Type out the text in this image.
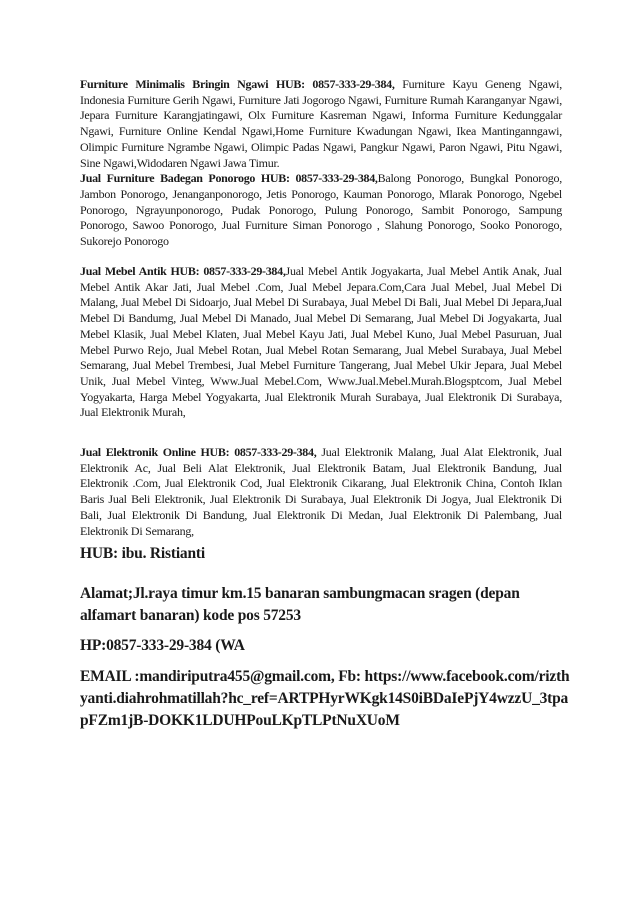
Furniture Minimalis Bringin Ngawi HUB: 0857-333-29-384, Furniture Kayu Geneng Ngawi, Indonesia Furniture Gerih Ngawi, Furniture Jati Jogorogo Ngawi, Furniture Rumah Karanganyar Ngawi, Jepara Furniture Karangjatingawi, Olx Furniture Kasreman Ngawi, Informa Furniture Kedunggalar Ngawi, Furniture Online Kendal Ngawi,Home Furniture Kwadungan Ngawi, Ikea Mantinganngawi, Olimpic Furniture Ngrambe Ngawi, Olimpic Padas Ngawi, Pangkur Ngawi, Paron Ngawi, Pitu Ngawi, Sine Ngawi,Widodaren Ngawi Jawa Timur.
Jual Furniture Badegan Ponorogo HUB: 0857-333-29-384,Balong Ponorogo, Bungkal Ponorogo, Jambon Ponorogo, Jenanganponorogo, Jetis Ponorogo, Kauman Ponorogo, Mlarak Ponorogo, Ngebel Ponorogo, Ngrayunponorogo, Pudak Ponorogo, Pulung Ponorogo, Sambit Ponorogo, Sampung Ponorogo, Sawoo Ponorogo, Jual Furniture Siman Ponorogo , Slahung Ponorogo, Sooko Ponorogo, Sukorejo Ponorogo
Jual Mebel Antik HUB: 0857-333-29-384,Jual Mebel Antik Jogyakarta, Jual Mebel Antik Anak, Jual Mebel Antik Akar Jati, Jual Mebel .Com, Jual Mebel Jepara.Com,Cara Jual Mebel, Jual Mebel Di Malang, Jual Mebel Di Sidoarjo, Jual Mebel Di Surabaya, Jual Mebel Di Bali, Jual Mebel Di Jepara,Jual Mebel Di Bandumg, Jual Mebel Di Manado, Jual Mebel Di Semarang, Jual Mebel Di Jogyakarta, Jual Mebel Klasik, Jual Mebel Klaten, Jual Mebel Kayu Jati, Jual Mebel Kuno, Jual Mebel Pasuruan, Jual Mebel Purwo Rejo, Jual Mebel Rotan, Jual Mebel Rotan Semarang, Jual Mebel Surabaya, Jual Mebel Semarang, Jual Mebel Trembesi, Jual Mebel Furniture Tangerang, Jual Mebel Ukir Jepara, Jual Mebel Unik, Jual Mebel Vinteg, Www.Jual Mebel.Com, Www.Jual.Mebel.Murah.Blogsptcom, Jual Mebel Yogyakarta, Harga Mebel Yogyakarta, Jual Elektronik Murah Surabaya, Jual Elektronik Di Surabaya, Jual Elektronik Murah,
Jual Elektronik Online HUB: 0857-333-29-384, Jual Elektronik Malang, Jual Alat Elektronik, Jual Elektronik Ac, Jual Beli Alat Elektronik, Jual Elektronik Batam, Jual Elektronik Bandung, Jual Elektronik .Com, Jual Elektronik Cod, Jual Elektronik Cikarang, Jual Elektronik China, Contoh Iklan Baris Jual Beli Elektronik, Jual Elektronik Di Surabaya, Jual Elektronik Di Jogya, Jual Elektronik Di Bali, Jual Elektronik Di Bandung, Jual Elektronik Di Medan, Jual Elektronik Di Palembang, Jual Elektronik Di Semarang,
HUB: ibu. Ristianti
Alamat;Jl.raya timur km.15 banaran sambungmacan sragen (depan alfamart banaran) kode pos 57253
HP:0857-333-29-384 (WA
EMAIL :mandiriputra455@gmail.com, Fb: https://www.facebook.com/rizthyanti.diahrohmatillah?hc_ref=ARTPHyrWKgk14S0iBDaIePjY4wzzU_3tpapFZm1jB-DOKK1LDUHPouLKpTLPtNuXUoM
